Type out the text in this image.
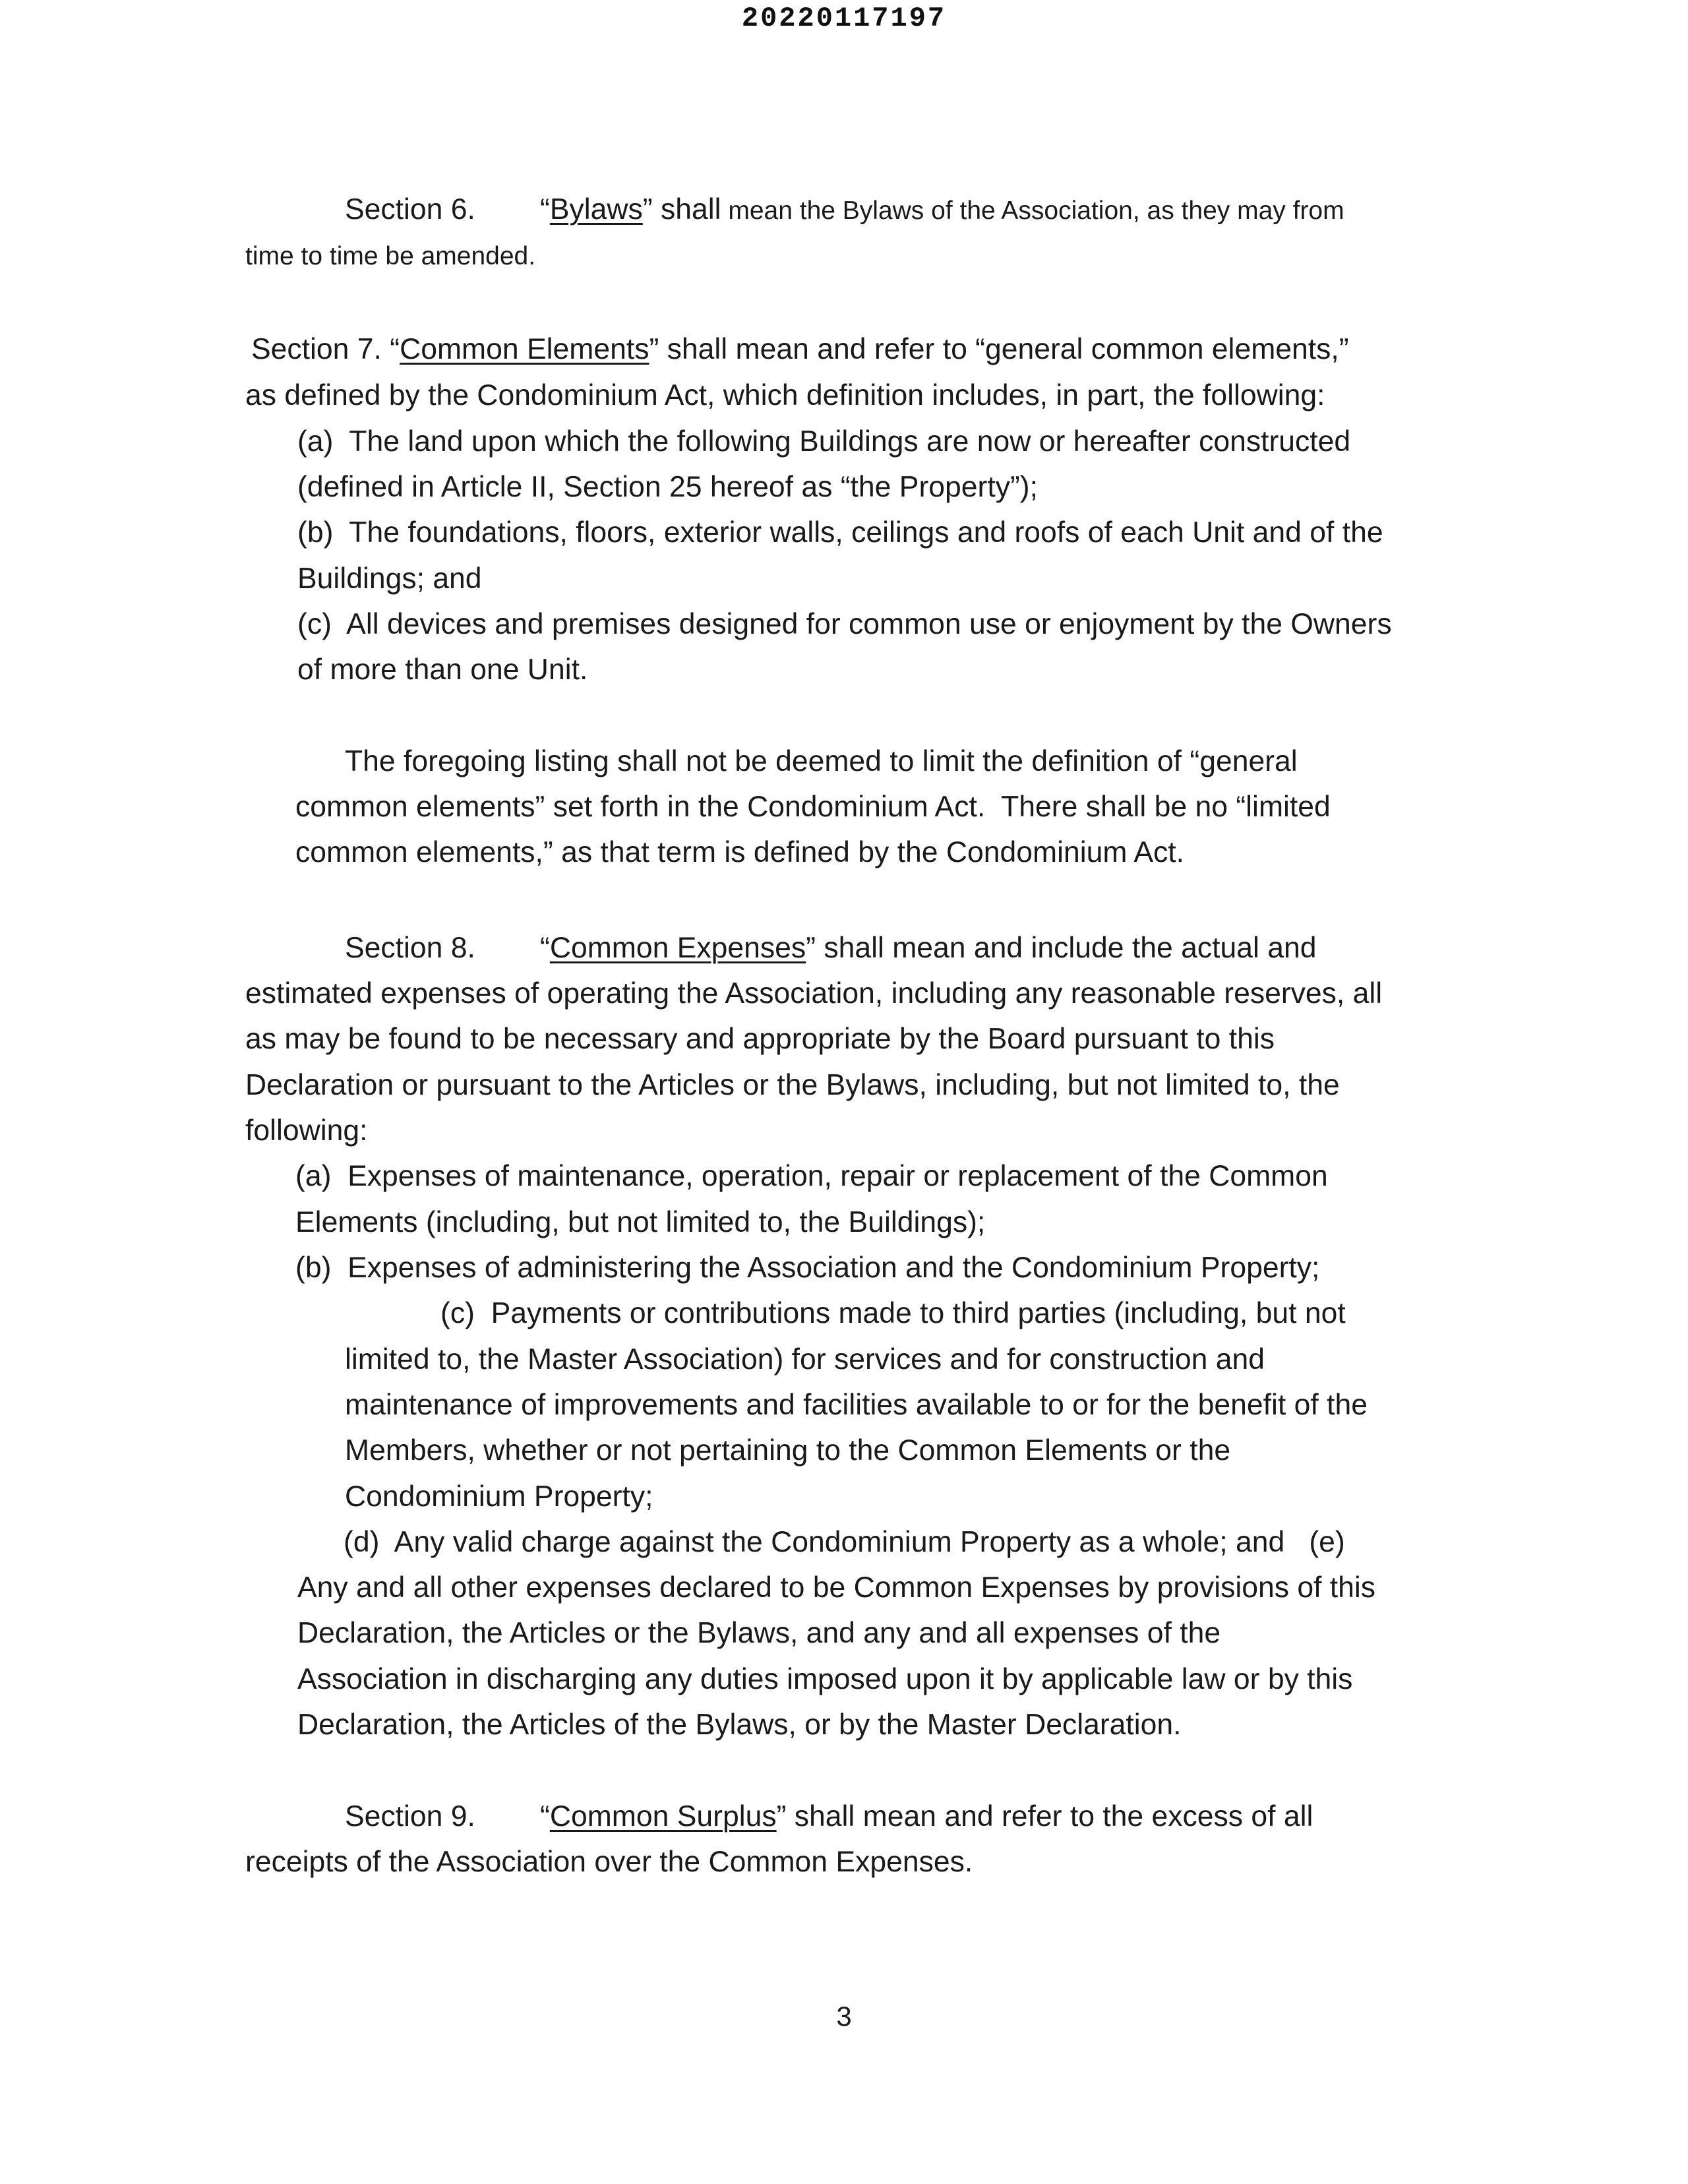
20220117197
Section 6. “Bylaws” shall mean the Bylaws of the Association, as they may from
time to time be amended.
Section 7. “Common Elements” shall mean and refer to “general common elements,”
as defined by the Condominium Act, which definition includes, in part, the following:
(a)  The land upon which the following Buildings are now or hereafter constructed
(defined in Article II, Section 25 hereof as “the Property”);
(b)  The foundations, floors, exterior walls, ceilings and roofs of each Unit and of the
Buildings; and
(c)  All devices and premises designed for common use or enjoyment by the Owners
of more than one Unit.
The foregoing listing shall not be deemed to limit the definition of “general
common elements” set forth in the Condominium Act.  There shall be no “limited
common elements,” as that term is defined by the Condominium Act.
Section 8. “Common Expenses” shall mean and include the actual and
estimated expenses of operating the Association, including any reasonable reserves, all
as may be found to be necessary and appropriate by the Board pursuant to this
Declaration or pursuant to the Articles or the Bylaws, including, but not limited to, the
following:
(a)  Expenses of maintenance, operation, repair or replacement of the Common
Elements (including, but not limited to, the Buildings);
(b)  Expenses of administering the Association and the Condominium Property;
(c)  Payments or contributions made to third parties (including, but not
limited to, the Master Association) for services and for construction and
maintenance of improvements and facilities available to or for the benefit of the
Members, whether or not pertaining to the Common Elements or the
Condominium Property;
(d)  Any valid charge against the Condominium Property as a whole; and   (e)
Any and all other expenses declared to be Common Expenses by provisions of this
Declaration, the Articles or the Bylaws, and any and all expenses of the
Association in discharging any duties imposed upon it by applicable law or by this
Declaration, the Articles of the Bylaws, or by the Master Declaration.
Section 9. “Common Surplus” shall mean and refer to the excess of all
receipts of the Association over the Common Expenses.
3
